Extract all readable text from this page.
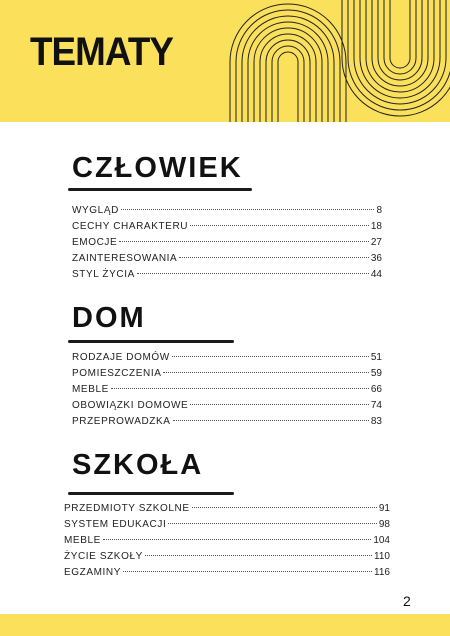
TEMATY
CZŁOWIEK
WYGLĄD	8
CECHY CHARAKTERU	18
EMOCJE	27
ZAINTERESOWANIA	36
STYL ŻYCIA	44
DOM
RODZAJE DOMÓW	51
POMIESZCZENIA	59
MEBLE	66
OBOWIĄZKI DOMOWE	74
PRZEPROWADZKA	83
SZKOŁA
PRZEDMIOTY SZKOLNE	91
SYSTEM EDUKACJI	98
MEBLE	104
ŻYCIE SZKOŁY	110
EGZAMINY	116
2
